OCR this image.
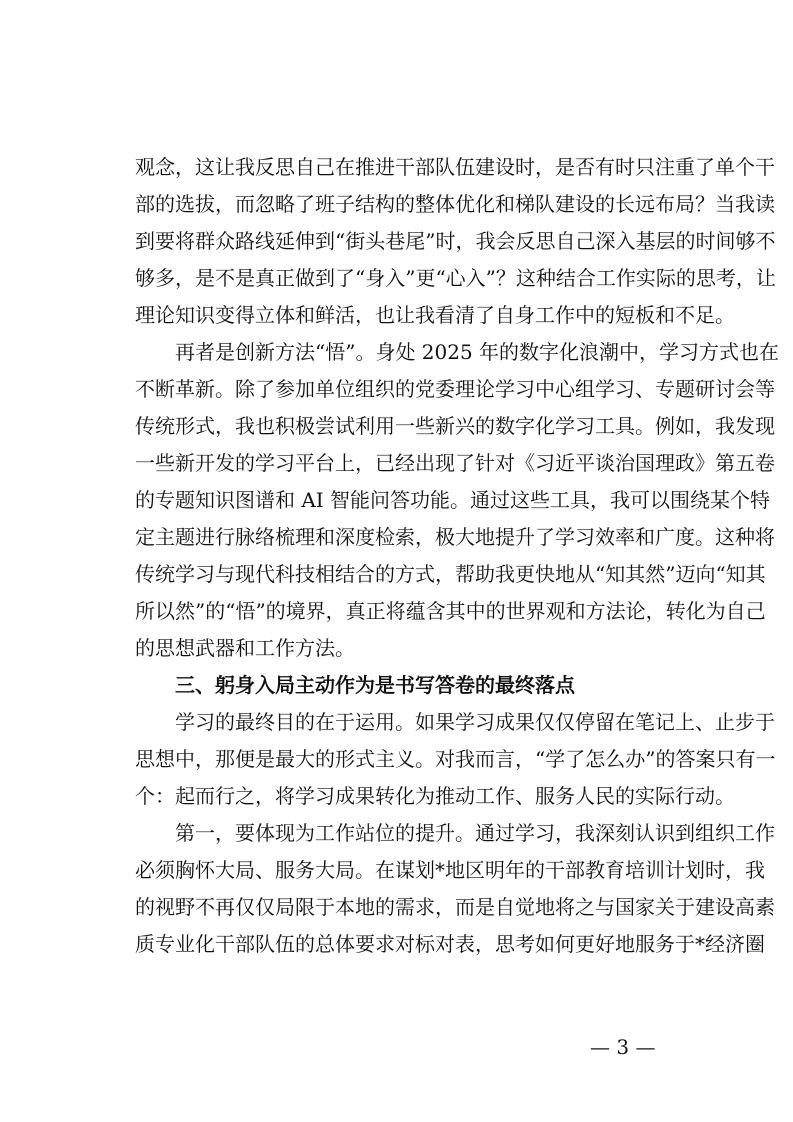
观念，这让我反思自己在推进干部队伍建设时，是否有时只注重了单个干
部的选拔，而忽略了班子结构的整体优化和梯队建设的长远布局？当我读
到要将群众路线延伸到“街头巷尾”时，我会反思自己深入基层的时间够不
够多，是不是真正做到了“身入”更“心入”？这种结合工作实际的思考，让
理论知识变得立体和鲜活，也让我看清了自身工作中的短板和不足。
再者是创新方法“悟”。身处 2025 年的数字化浪潮中，学习方式也在
不断革新。除了参加单位组织的党委理论学习中心组学习、专题研讨会等
传统形式，我也积极尝试利用一些新兴的数字化学习工具。例如，我发现
一些新开发的学习平台上，已经出现了针对《习近平谈治国理政》第五卷
的专题知识图谱和 AI 智能问答功能。通过这些工具，我可以围绕某个特
定主题进行脉络梳理和深度检索，极大地提升了学习效率和广度。这种将
传统学习与现代科技相结合的方式，帮助我更快地从“知其然”迈向“知其
所以然”的“悟”的境界，真正将蕴含其中的世界观和方法论，转化为自己
的思想武器和工作方法。
三、躬身入局主动作为是书写答卷的最终落点
学习的最终目的在于运用。如果学习成果仅仅停留在笔记上、止步于
思想中，那便是最大的形式主义。对我而言，“学了怎么办”的答案只有一
个：起而行之，将学习成果转化为推动工作、服务人民的实际行动。
第一，要体现为工作站位的提升。通过学习，我深刻认识到组织工作
必须胸怀大局、服务大局。在谋划*地区明年的干部教育培训计划时，我
的视野不再仅仅局限于本地的需求，而是自觉地将之与国家关于建设高素
质专业化干部队伍的总体要求对标对表，思考如何更好地服务于*经济圈
— 3 —
